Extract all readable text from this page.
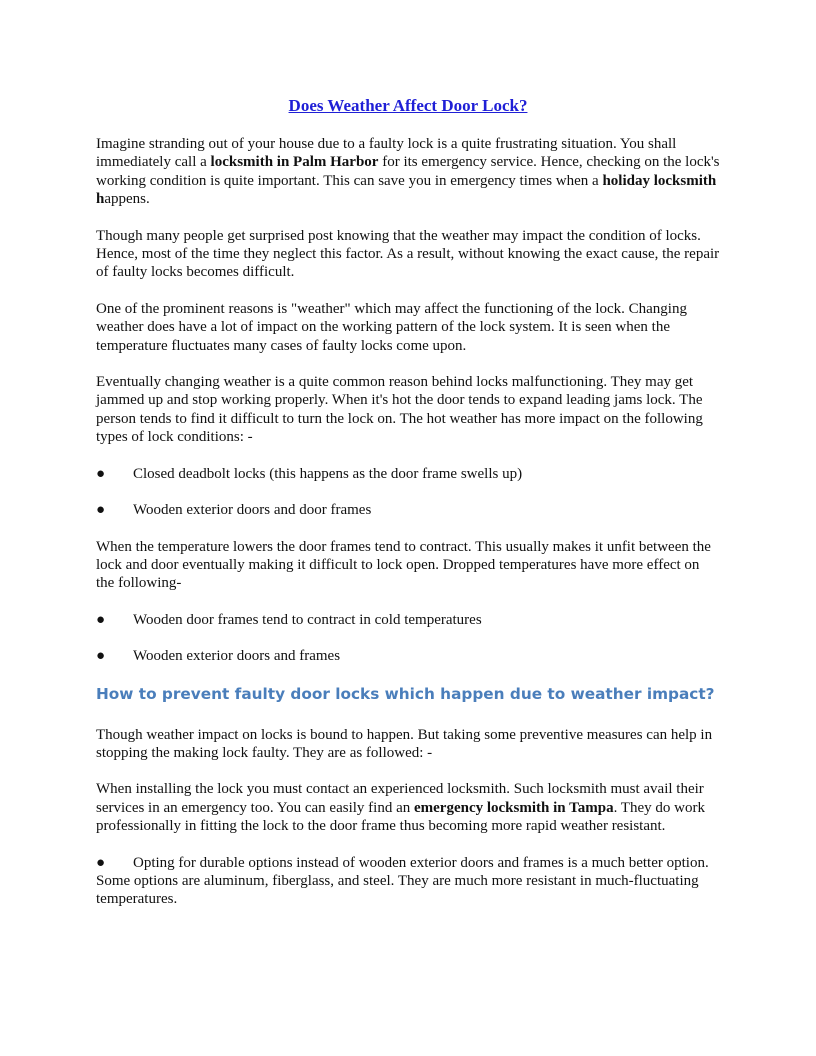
Does Weather Affect Door Lock?

Imagine stranding out of your house due to a faulty lock is a quite frustrating situation. You shall immediately call a locksmith in Palm Harbor for its emergency service. Hence, checking on the lock's working condition is quite important. This can save you in emergency times when a holiday locksmith happens.

Though many people get surprised post knowing that the weather may impact the condition of locks. Hence, most of the time they neglect this factor. As a result, without knowing the exact cause, the repair of faulty locks becomes difficult.

One of the prominent reasons is "weather" which may affect the functioning of the lock. Changing weather does have a lot of impact on the working pattern of the lock system. It is seen when the temperature fluctuates many cases of faulty locks come upon.

Eventually changing weather is a quite common reason behind locks malfunctioning. They may get jammed up and stop working properly. When it's hot the door tends to expand leading jams lock. The person tends to find it difficult to turn the lock on. The hot weather has more impact on the following types of lock conditions: -

●	Closed deadbolt locks (this happens as the door frame swells up)
●	Wooden exterior doors and door frames

When the temperature lowers the door frames tend to contract. This usually makes it unfit between the lock and door eventually making it difficult to lock open. Dropped temperatures have more effect on the following-

●	Wooden door frames tend to contract in cold temperatures
●	Wooden exterior doors and frames
How to prevent faulty door locks which happen due to weather impact?

Though weather impact on locks is bound to happen. But taking some preventive measures can help in stopping the making lock faulty. They are as followed: -

When installing the lock you must contact an experienced locksmith. Such locksmith must avail their services in an emergency too. You can easily find an emergency locksmith in Tampa. They do work professionally in fitting the lock to the door frame thus becoming more rapid weather resistant.

● Opting for durable options instead of wooden exterior doors and frames is a much better option. Some options are aluminum, fiberglass, and steel. They are much more resistant in much-fluctuating temperatures.
